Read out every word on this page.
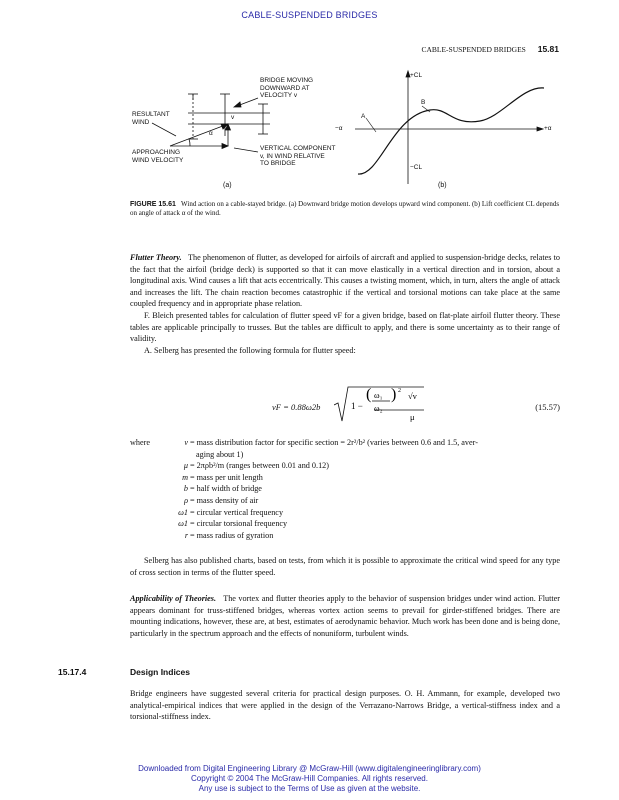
CABLE-SUSPENDED BRIDGES
CABLE-SUSPENDED BRIDGES 15.81
BRIDGE MOVING
DOWNWARD AT
VELOCITY v
RESULTANT
WIND
α
APPROACHING
WIND VELOCITY
VERTICAL COMPONENT
v, IN WIND RELATIVE
TO BRIDGE
v
(a)
+CL
−CL
−α	+α
A
B
(b)
FIGURE 15.61 Wind action on a cable-stayed bridge. (a) Downward bridge motion develops upward wind component. (b) Lift coefficient CL depends on angle of attack α of the wind.

Flutter Theory. The phenomenon of flutter, as developed for airfoils of aircraft and applied to suspension-bridge decks, relates to the fact that the airfoil (bridge deck) is supported so that it can move elastically in a vertical direction and in torsion, about a longitudinal axis. Wind causes a lift that acts eccentrically. This causes a twisting moment, which, in turn, alters the angle of attack and increases the lift. The chain reaction becomes catastrophic if the vertical and torsional motions can take place at the same coupled frequency and in appropriate phase relation.

F. Bleich presented tables for calculation of flutter speed vF for a given bridge, based on flat-plate airfoil flutter theory. These tables are applicable principally to trusses. But the tables are difficult to apply, and there is some uncertainty as to their range of validity.

A. Selberg has presented the following formula for flutter speed:

vF = 0.88ω2b	1 −
( ω₁
ω₂
) 2 √v
μ
(15.57)
where	v = mass distribution factor for specific section = 2r²/b² (varies between 0.6 and 1.5, aver-
aging about 1)
μ = 2πρb²/m (ranges between 0.01 and 0.12)
m = mass per unit length
b = half width of bridge
ρ = mass density of air
ω1 = circular vertical frequency
ω1 = circular torsional frequency
r = mass radius of gyration

Selberg has also published charts, based on tests, from which it is possible to approximate the critical wind speed for any type of cross section in terms of the flutter speed.

Applicability of Theories. The vortex and flutter theories apply to the behavior of suspension bridges under wind action. Flutter appears dominant for truss-stiffened bridges, whereas vortex action seems to prevail for girder-stiffened bridges. There are mounting indications, however, these are, at best, estimates of aerodynamic behavior. Much work has been done and is being done, particularly in the spectrum approach and the effects of nonuniform, turbulent winds.

15.17.4	Design Indices

Bridge engineers have suggested several criteria for practical design purposes. O. H. Ammann, for example, developed two analytical-empirical indices that were applied in the design of the Verrazano-Narrows Bridge, a vertical-stiffness index and a torsional-stiffness index.

Downloaded from Digital Engineering Library @ McGraw-Hill (www.digitalengineeringlibrary.com)
Copyright © 2004 The McGraw-Hill Companies. All rights reserved.
Any use is subject to the Terms of Use as given at the website.
